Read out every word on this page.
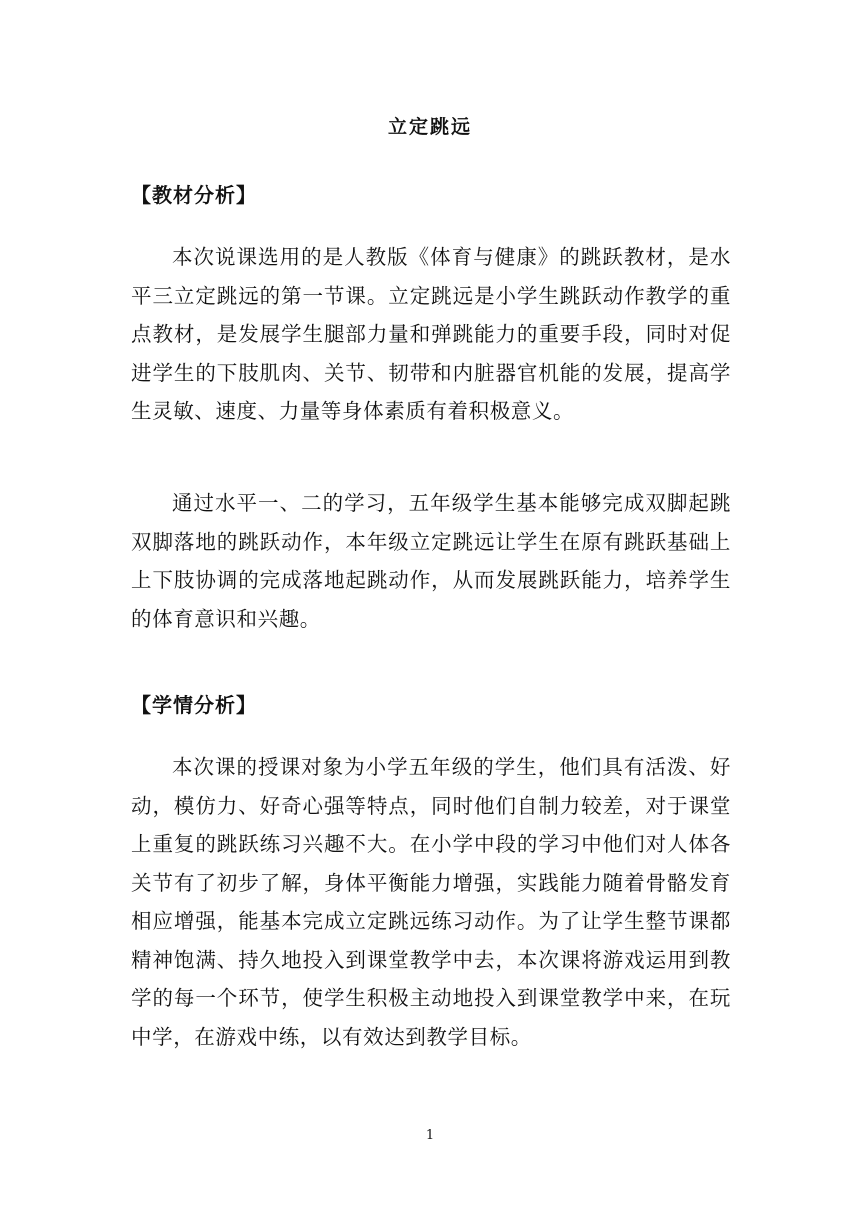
立定跳远
【教材分析】

本次说课选用的是人教版《体育与健康》的跳跃教材，是水平三立定跳远的第一节课。立定跳远是小学生跳跃动作教学的重点教材，是发展学生腿部力量和弹跳能力的重要手段，同时对促进学生的下肢肌肉、关节、韧带和内脏器官机能的发展，提高学生灵敏、速度、力量等身体素质有着积极意义。

通过水平一、二的学习，五年级学生基本能够完成双脚起跳双脚落地的跳跃动作，本年级立定跳远让学生在原有跳跃基础上上下肢协调的完成落地起跳动作，从而发展跳跃能力，培养学生的体育意识和兴趣。

【学情分析】

本次课的授课对象为小学五年级的学生，他们具有活泼、好动，模仿力、好奇心强等特点，同时他们自制力较差，对于课堂上重复的跳跃练习兴趣不大。在小学中段的学习中他们对人体各关节有了初步了解，身体平衡能力增强，实践能力随着骨骼发育相应增强，能基本完成立定跳远练习动作。为了让学生整节课都精神饱满、持久地投入到课堂教学中去，本次课将游戏运用到教学的每一个环节，使学生积极主动地投入到课堂教学中来，在玩中学，在游戏中练，以有效达到教学目标。

1
